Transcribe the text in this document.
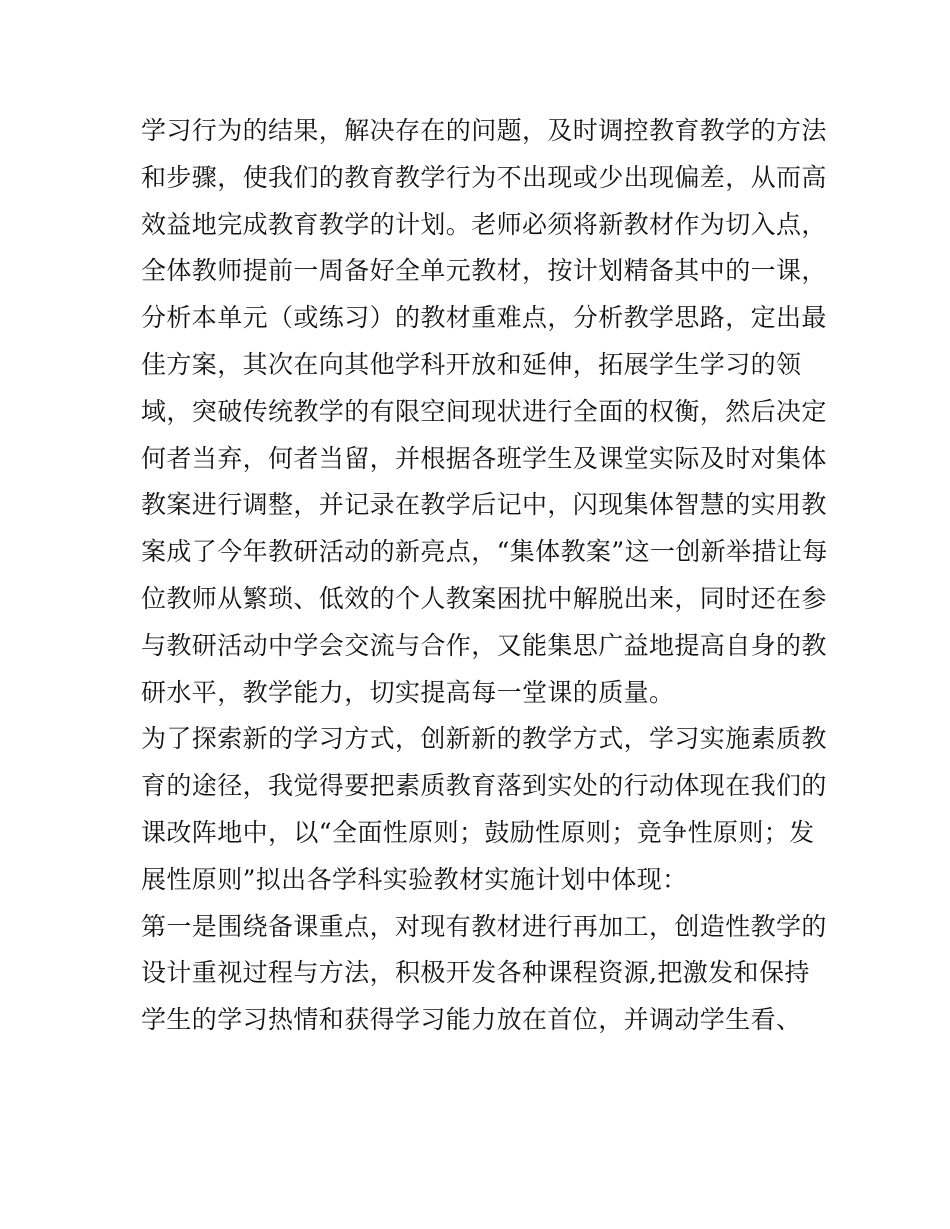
学习行为的结果，解决存在的问题，及时调控教育教学的方法
和步骤，使我们的教育教学行为不出现或少出现偏差，从而高
效益地完成教育教学的计划。老师必须将新教材作为切入点，
全体教师提前一周备好全单元教材，按计划精备其中的一课，
分析本单元（或练习）的教材重难点，分析教学思路，定出最
佳方案，其次在向其他学科开放和延伸，拓展学生学习的领
域，突破传统教学的有限空间现状进行全面的权衡，然后决定
何者当弃，何者当留，并根据各班学生及课堂实际及时对集体
教案进行调整，并记录在教学后记中，闪现集体智慧的实用教
案成了今年教研活动的新亮点，“集体教案”这一创新举措让每
位教师从繁琐、低效的个人教案困扰中解脱出来，同时还在参
与教研活动中学会交流与合作，又能集思广益地提高自身的教
研水平，教学能力，切实提高每一堂课的质量。
为了探索新的学习方式，创新新的教学方式，学习实施素质教
育的途径，我觉得要把素质教育落到实处的行动体现在我们的
课改阵地中，以“全面性原则；鼓励性原则；竞争性原则；发
展性原则”拟出各学科实验教材实施计划中体现：
第一是围绕备课重点，对现有教材进行再加工，创造性教学的
设计重视过程与方法，积极开发各种课程资源,把激发和保持
学生的学习热情和获得学习能力放在首位，并调动学生看、
